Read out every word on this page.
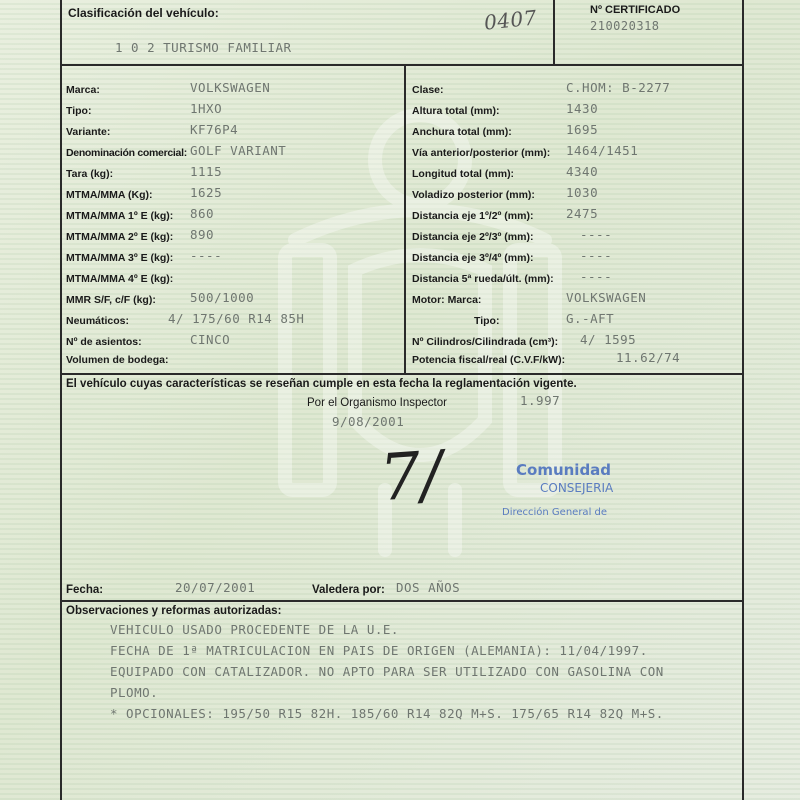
Clasificación del vehículo:
1 0 2 TURISMO FAMILIAR
0407	Nº CERTIFICADO
210020318
Marca:	VOLKSWAGEN
Tipo:	1HXO
Variante:	KF76P4
Denominación comercial: GOLF VARIANT
Tara (kg):	1115
MTMA/MMA (Kg):	1625
MTMA/MMA 1º E (kg): 860
MTMA/MMA 2º E (kg): 890
MTMA/MMA 3º E (kg): ----
MTMA/MMA 4º E (kg):
MMR S/F, c/F (kg):	500/1000
Neumáticos:	4/ 175/60 R14 85H
Nº de asientos:	CINCO
Volumen de bodega:
Clase:	C.HOM: B-2277
Altura total (mm):	1430
Anchura total (mm):	1695
Vía anterior/posterior (mm): 1464/1451
Longitud total (mm):	4340
Voladizo posterior (mm): 1030
Distancia eje 1º/2º (mm):	2475
Distancia eje 2º/3º (mm):	----
Distancia eje 3º/4º (mm):	----
Distancia 5ª rueda/últ. (mm): ----
Motor: Marca:	VOLKSWAGEN
Tipo:	G.-AFT
Nº Cilindros/Cilindrada (cm³): 4/ 1595
Potencia fiscal/real (C.V.F/kW):	11.62/74
El vehículo cuyas características se reseñan cumple en esta fecha la reglamentación vigente.
Por el Organismo Inspector	1.997
9/08/2001
7/	Comunidad
CONSEJERIA
Dirección General de
Fecha:	20/07/2001	Valedera por: DOS AÑOS
Observaciones y reformas autorizadas:
VEHICULO USADO PROCEDENTE DE LA U.E.
FECHA DE 1ª MATRICULACION EN PAIS DE ORIGEN (ALEMANIA): 11/04/1997.
EQUIPADO CON CATALIZADOR. NO APTO PARA SER UTILIZADO CON GASOLINA CON
PLOMO.
* OPCIONALES: 195/50 R15 82H. 185/60 R14 82Q M+S. 175/65 R14 82Q M+S.
